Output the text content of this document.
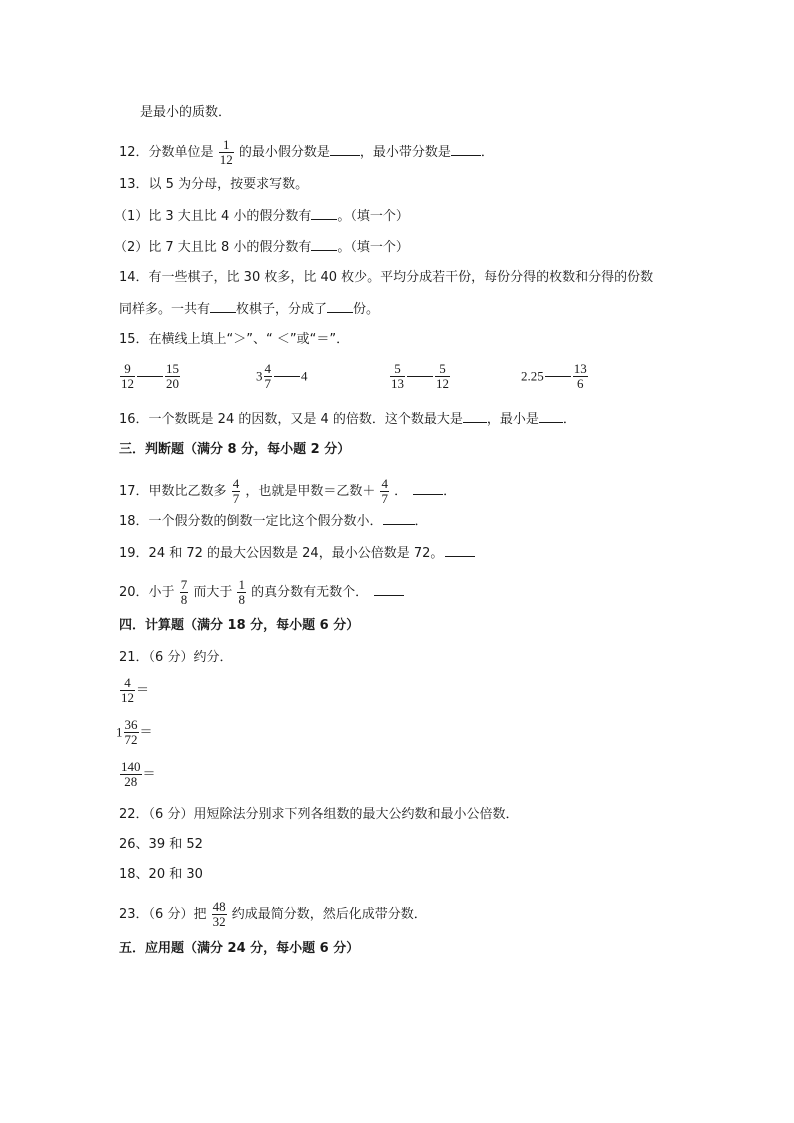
是最小的质数．
12．分数单位是 $\frac{1}{12}$ 的最小假分数是 ，最小带分数是 ．
13．以 5 为分母，按要求写数。
（1）比 3 大且比 4 小的假分数有 。（填一个）
（2）比 7 大且比 8 小的假分数有 。（填一个）
14．有一些棋子，比 30 枚多，比 40 枚少。平均分成若干份，每份分得的枚数和分得的份数
同样多。一共有 枚棋子，分成了 份。
15．在横线上填上“＞”、“ ＜”或“＝”．
$\frac{9}{12} \frac{15}{20}$	$3 \frac{4}{7} 4$	$\frac{5}{13} \frac{5}{12}$	$2.25 \frac{13}{6}$
16．一个数既是 24 的因数，又是 4 的倍数．这个数最大是 ，最小是 ．
三．判断题（满分 8 分，每小题 2 分）
17．甲数比乙数多 $\frac{4}{7}$ ，也就是甲数＝乙数＋ $\frac{4}{7}$ ．	．
18．一个假分数的倒数一定比这个假分数小． ．
19．24 和 72 的最大公因数是 24，最小公倍数是 72。
20．小于 $\frac{7}{8}$ 而大于 $\frac{1}{8}$ 的真分数有无数个．
四．计算题（满分 18 分，每小题 6 分）
21．（6 分）约分．
$\frac{4}{12}$ ＝
$1 \frac{36}{72}$ ＝
$\frac{140}{28}$ ＝
22．（6 分）用短除法分别求下列各组数的最大公约数和最小公倍数．
26、39 和 52
18、20 和 30
23．（6 分）把 $\frac{48}{32}$ 约成最简分数，然后化成带分数．
五．应用题（满分 24 分，每小题 6 分）
